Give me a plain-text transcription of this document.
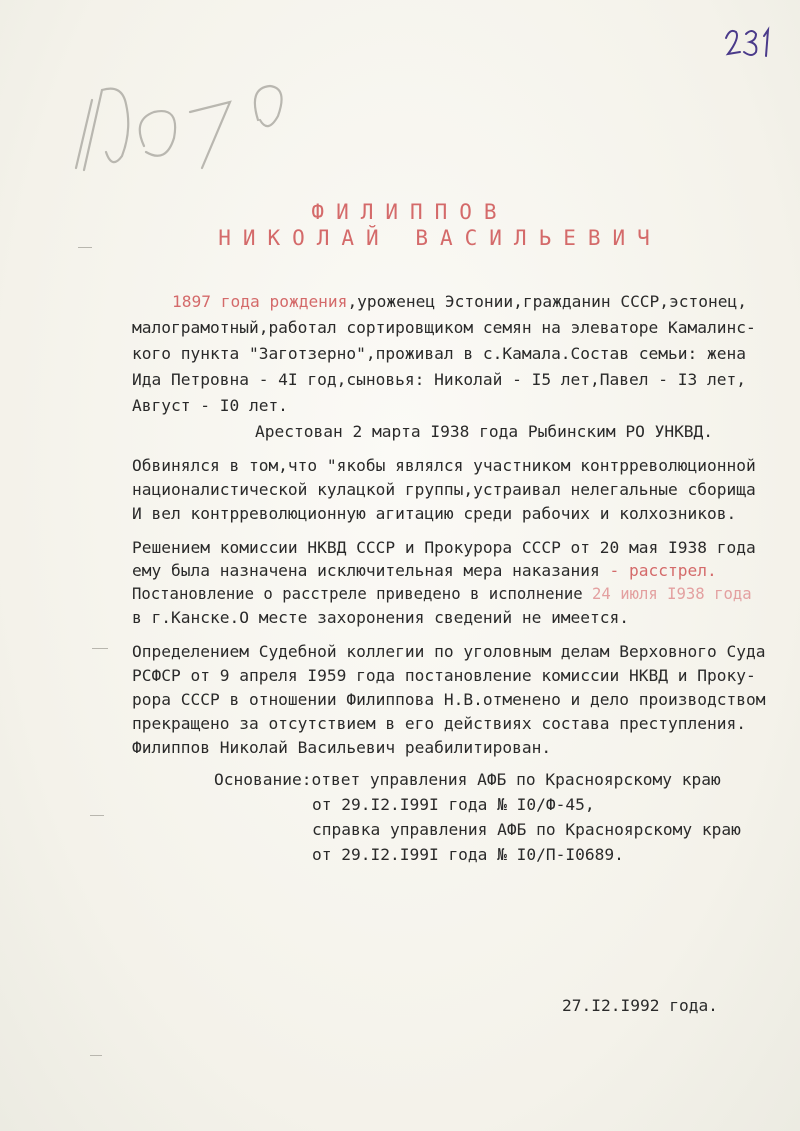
ФИЛИППОВ
НИКОЛАЙ ВАСИЛЬЕВИЧ
1897 года рождения,уроженец Эстонии,гражданин СССР,эстонец,
малограмотный,работал сортировщиком семян на элеваторе Камалинс-
кого пункта "Заготзерно",проживал в с.Камала.Состав семьи: жена
Ида Петровна - 4I год,сыновья: Николай - I5 лет,Павел - I3 лет,
Август - I0 лет.
Арестован 2 марта I938 года Рыбинским РО УНКВД.
Обвинялся в том,что "якобы являлся участником контрреволюционной
националистической кулацкой группы,устраивал нелегальные сборища
И вел контрреволюционную агитацию среди рабочих и колхозников.
Решением комиссии НКВД СССР и Прокурора СССР от 20 мая I938 года
ему была назначена исключительная мера наказания - расстрел.
Постановление о расстреле приведено в исполнение 24 июля I938 года
в г.Канске.О месте захоронения сведений не имеется.
Определением Судебной коллегии по уголовным делам Верховного Суда
РСФСР от 9 апреля I959 года постановление комиссии НКВД и Проку-
рора СССР в отношении Филиппова Н.В.отменено и дело производством
прекращено за отсутствием в его действиях состава преступления.
Филиппов Николай Васильевич реабилитирован.
Основание:ответ управления АФБ по Красноярскому краю
от 29.I2.I99I года № I0/Ф-45,
справка управления АФБ по Красноярскому краю
от 29.I2.I99I года № I0/П-I0689.
27.I2.I992 года.
